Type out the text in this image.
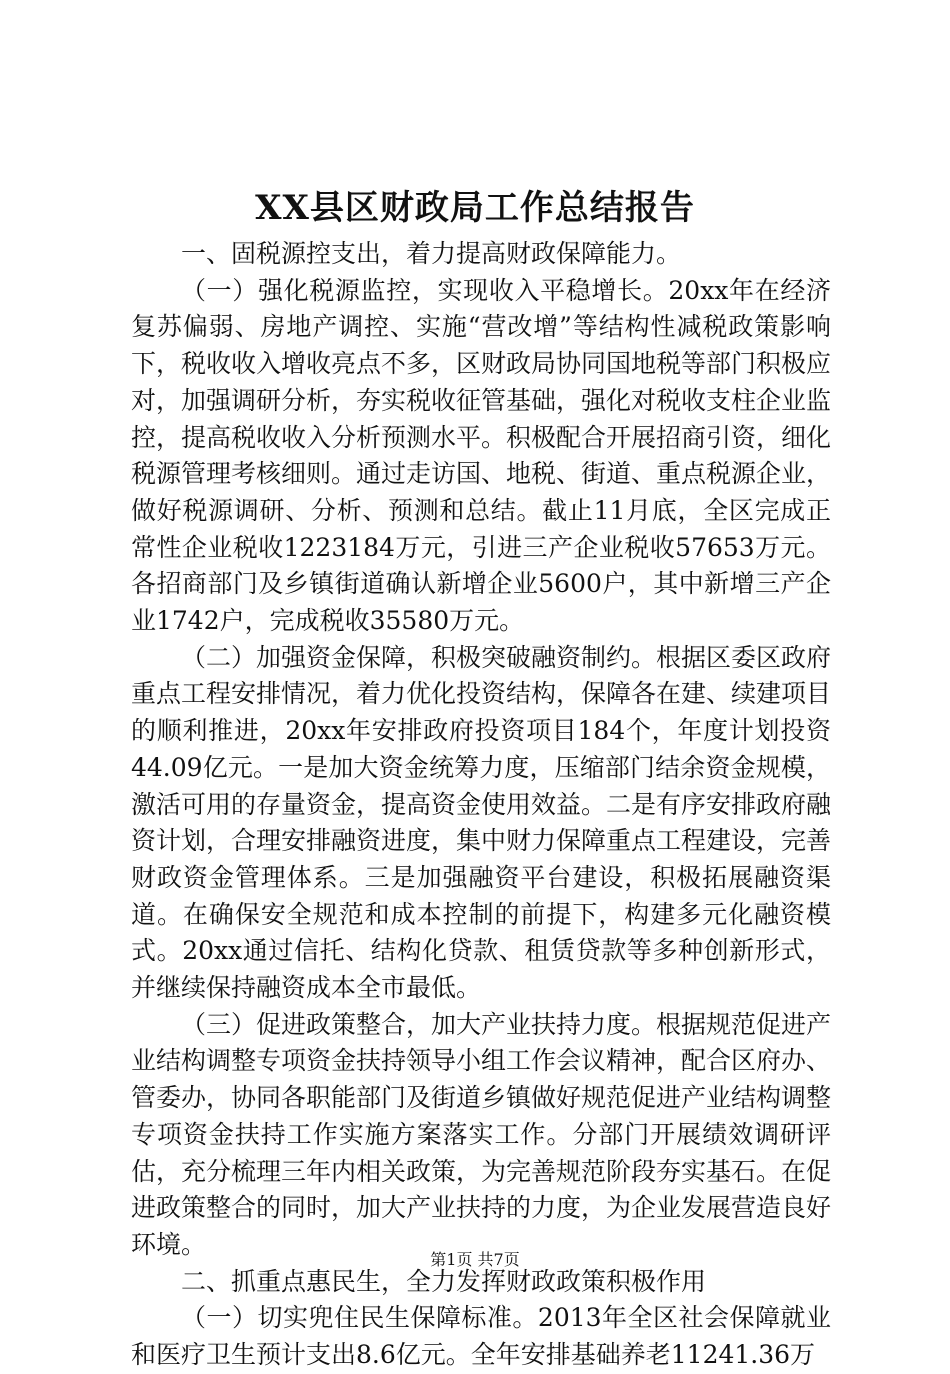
XX县区财政局工作总结报告

一、固税源控支出，着力提高财政保障能力。

（一）强化税源监控，实现收入平稳增长。20xx年在经济复苏偏弱、房地产调控、实施“营改增”等结构性减税政策影响下，税收收入增收亮点不多，区财政局协同国地税等部门积极应对，加强调研分析，夯实税收征管基础，强化对税收支柱企业监控，提高税收收入分析预测水平。积极配合开展招商引资，细化税源管理考核细则。通过走访国、地税、街道、重点税源企业，做好税源调研、分析、预测和总结。截止11月底，全区完成正常性企业税收1223184万元，引进三产企业税收57653万元。各招商部门及乡镇街道确认新增企业5600户，其中新增三产企业1742户，完成税收35580万元。

（二）加强资金保障，积极突破融资制约。根据区委区政府重点工程安排情况，着力优化投资结构，保障各在建、续建项目的顺利推进，20xx年安排政府投资项目184个，年度计划投资44.09亿元。一是加大资金统筹力度，压缩部门结余资金规模，激活可用的存量资金，提高资金使用效益。二是有序安排政府融资计划，合理安排融资进度，集中财力保障重点工程建设，完善财政资金管理体系。三是加强融资平台建设，积极拓展融资渠道。在确保安全规范和成本控制的前提下，构建多元化融资模式。20xx通过信托、结构化贷款、租赁贷款等多种创新形式，并继续保持融资成本全市最低。

（三）促进政策整合，加大产业扶持力度。根据规范促进产业结构调整专项资金扶持领导小组工作会议精神，配合区府办、管委办，协同各职能部门及街道乡镇做好规范促进产业结构调整专项资金扶持工作实施方案落实工作。分部门开展绩效调研评估，充分梳理三年内相关政策，为完善规范阶段夯实基石。在促进政策整合的同时，加大产业扶持的力度，为企业发展营造良好环境。

二、抓重点惠民生，全力发挥财政政策积极作用

（一）切实兜住民生保障标准。2013年全区社会保障就业和医疗卫生预计支出8.6亿元。全年安排基础养老11241.36万

第1页 共7页
